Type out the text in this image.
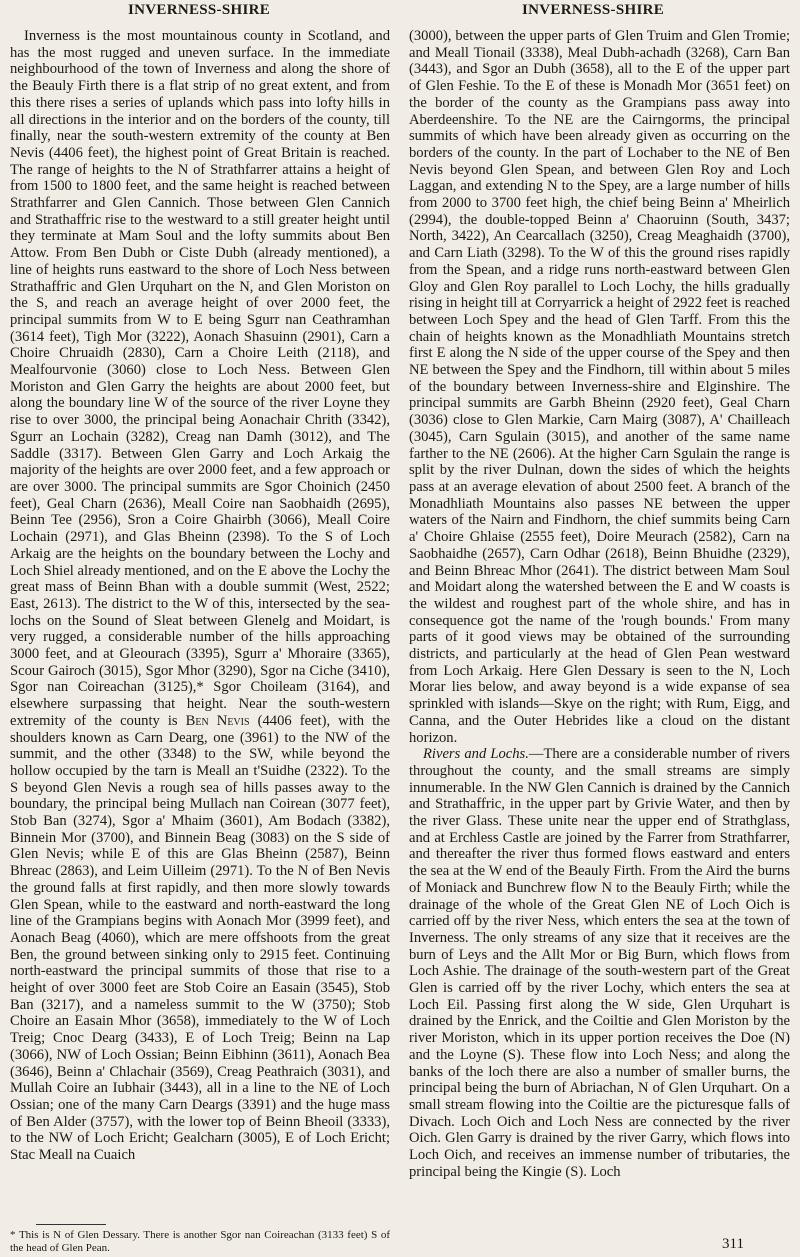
INVERNESS-SHIRE	INVERNESS-SHIRE

Inverness is the most mountainous county in Scotland, and has the most rugged and uneven surface. In the immediate neighbourhood of the town of Inverness and along the shore of the Beauly Firth there is a flat strip of no great extent, and from this there rises a series of uplands which pass into lofty hills in all directions in the interior and on the borders of the county, till finally, near the south-western extremity of the county at Ben Nevis (4406 feet), the highest point of Great Britain is reached. The range of heights to the N of Strathfarrer attains a height of from 1500 to 1800 feet, and the same height is reached between Strathfarrer and Glen Cannich. Those between Glen Cannich and Strathaffric rise to the westward to a still greater height until they terminate at Mam Soul and the lofty summits about Ben Attow. From Ben Dubh or Ciste Dubh (already mentioned), a line of heights runs eastward to the shore of Loch Ness between Strathaffric and Glen Urquhart on the N, and Glen Moriston on the S, and reach an average height of over 2000 feet, the principal summits from W to E being Sgurr nan Ceathramhan (3614 feet), Tigh Mor (3222), Aonach Shasuinn (2901), Carn a Choire Chruaidh (2830), Carn a Choire Leith (2118), and Mealfourvonie (3060) close to Loch Ness. Between Glen Moriston and Glen Garry the heights are about 2000 feet, but along the boundary line W of the source of the river Loyne they rise to over 3000, the principal being Aonachair Chrith (3342), Sgurr an Lochain (3282), Creag nan Damh (3012), and The Saddle (3317). Between Glen Garry and Loch Arkaig the majority of the heights are over 2000 feet, and a few approach or are over 3000. The principal summits are Sgor Choinich (2450 feet), Geal Charn (2636), Meall Coire nan Saobhaidh (2695), Beinn Tee (2956), Sron a Coire Ghairbh (3066), Meall Coire Lochain (2971), and Glas Bheinn (2398). To the S of Loch Arkaig are the heights on the boundary between the Lochy and Loch Shiel already mentioned, and on the E above the Lochy the great mass of Beinn Bhan with a double summit (West, 2522; East, 2613). The district to the W of this, intersected by the sea-lochs on the Sound of Sleat between Glenelg and Moidart, is very rugged, a considerable number of the hills approaching 3000 feet, and at Gleourach (3395), Sgurr a' Mhoraire (3365), Scour Gairoch (3015), Sgor Mhor (3290), Sgor na Ciche (3410), Sgor nan Coireachan (3125),* Sgor Choileam (3164), and elsewhere surpassing that height. Near the south-western extremity of the county is Ben Nevis (4406 feet), with the shoulders known as Carn Dearg, one (3961) to the NW of the summit, and the other (3348) to the SW, while beyond the hollow occupied by the tarn is Meall an t'Suidhe (2322). To the S beyond Glen Nevis a rough sea of hills passes away to the boundary, the principal being Mullach nan Coirean (3077 feet), Stob Ban (3274), Sgor a' Mhaim (3601), Am Bodach (3382), Binnein Mor (3700), and Binnein Beag (3083) on the S side of Glen Nevis; while E of this are Glas Bheinn (2587), Beinn Bhreac (2863), and Leim Uilleim (2971). To the N of Ben Nevis the ground falls at first rapidly, and then more slowly towards Glen Spean, while to the eastward and north-eastward the long line of the Grampians begins with Aonach Mor (3999 feet), and Aonach Beag (4060), which are mere offshoots from the great Ben, the ground between sinking only to 2915 feet. Continuing north-eastward the principal summits of those that rise to a height of over 3000 feet are Stob Coire an Easain (3545), Stob Ban (3217), and a nameless summit to the W (3750); Stob Choire an Easain Mhor (3658), immediately to the W of Loch Treig; Cnoc Dearg (3433), E of Loch Treig; Beinn na Lap (3066), NW of Loch Ossian; Beinn Eibhinn (3611), Aonach Bea (3646), Beinn a' Chlachair (3569), Creag Peathraich (3031), and Mullah Coire an Iubhair (3443), all in a line to the NE of Loch Ossian; one of the many Carn Deargs (3391) and the huge mass of Ben Alder (3757), with the lower top of Beinn Bheoil (3333), to the NW of Loch Ericht; Gealcharn (3005), E of Loch Ericht; Stac Meall na Cuaich

(3000), between the upper parts of Glen Truim and Glen Tromie; and Meall Tionail (3338), Meal Dubh-achadh (3268), Carn Ban (3443), and Sgor an Dubh (3658), all to the E of the upper part of Glen Feshie. To the E of these is Monadh Mor (3651 feet) on the border of the county as the Grampians pass away into Aberdeenshire. To the NE are the Cairngorms, the principal summits of which have been already given as occurring on the borders of the county. In the part of Lochaber to the NE of Ben Nevis beyond Glen Spean, and between Glen Roy and Loch Laggan, and extending N to the Spey, are a large number of hills from 2000 to 3700 feet high, the chief being Beinn a' Mheirlich (2994), the double-topped Beinn a' Chaoruinn (South, 3437; North, 3422), An Cearcallach (3250), Creag Meaghaidh (3700), and Carn Liath (3298). To the W of this the ground rises rapidly from the Spean, and a ridge runs north-eastward between Glen Gloy and Glen Roy parallel to Loch Lochy, the hills gradually rising in height till at Corryarrick a height of 2922 feet is reached between Loch Spey and the head of Glen Tarff. From this the chain of heights known as the Monadhliath Mountains stretch first E along the N side of the upper course of the Spey and then NE between the Spey and the Findhorn, till within about 5 miles of the boundary between Inverness-shire and Elginshire. The principal summits are Garbh Bheinn (2920 feet), Geal Charn (3036) close to Glen Markie, Carn Mairg (3087), A' Chailleach (3045), Carn Sgulain (3015), and another of the same name farther to the NE (2606). At the higher Carn Sgulain the range is split by the river Dulnan, down the sides of which the heights pass at an average elevation of about 2500 feet. A branch of the Monadhliath Mountains also passes NE between the upper waters of the Nairn and Findhorn, the chief summits being Carn a' Choire Ghlaise (2555 feet), Doire Meurach (2582), Carn na Saobhaidhe (2657), Carn Odhar (2618), Beinn Bhuidhe (2329), and Beinn Bhreac Mhor (2641). The district between Mam Soul and Moidart along the watershed between the E and W coasts is the wildest and roughest part of the whole shire, and has in consequence got the name of the 'rough bounds.' From many parts of it good views may be obtained of the surrounding districts, and particularly at the head of Glen Pean westward from Loch Arkaig. Here Glen Dessary is seen to the N, Loch Morar lies below, and away beyond is a wide expanse of sea sprinkled with islands—Skye on the right; with Rum, Eigg, and Canna, and the Outer Hebrides like a cloud on the distant horizon.

Rivers and Lochs.—There are a considerable number of rivers throughout the county, and the small streams are simply innumerable. In the NW Glen Cannich is drained by the Cannich and Strathaffric, in the upper part by Grivie Water, and then by the river Glass. These unite near the upper end of Strathglass, and at Erchless Castle are joined by the Farrer from Strathfarrer, and thereafter the river thus formed flows eastward and enters the sea at the W end of the Beauly Firth. From the Aird the burns of Moniack and Bunchrew flow N to the Beauly Firth; while the drainage of the whole of the Great Glen NE of Loch Oich is carried off by the river Ness, which enters the sea at the town of Inverness. The only streams of any size that it receives are the burn of Leys and the Allt Mor or Big Burn, which flows from Loch Ashie. The drainage of the south-western part of the Great Glen is carried off by the river Lochy, which enters the sea at Loch Eil. Passing first along the W side, Glen Urquhart is drained by the Enrick, and the Coiltie and Glen Moriston by the river Moriston, which in its upper portion receives the Doe (N) and the Loyne (S). These flow into Loch Ness; and along the banks of the loch there are also a number of smaller burns, the principal being the burn of Abriachan, N of Glen Urquhart. On a small stream flowing into the Coiltie are the picturesque falls of Divach. Loch Oich and Loch Ness are connected by the river Oich. Glen Garry is drained by the river Garry, which flows into Loch Oich, and receives an immense number of tributaries, the principal being the Kingie (S). Loch

* This is N of Glen Dessary. There is another Sgor nan Coireachan (3133 feet) S of the head of Glen Pean.	311
